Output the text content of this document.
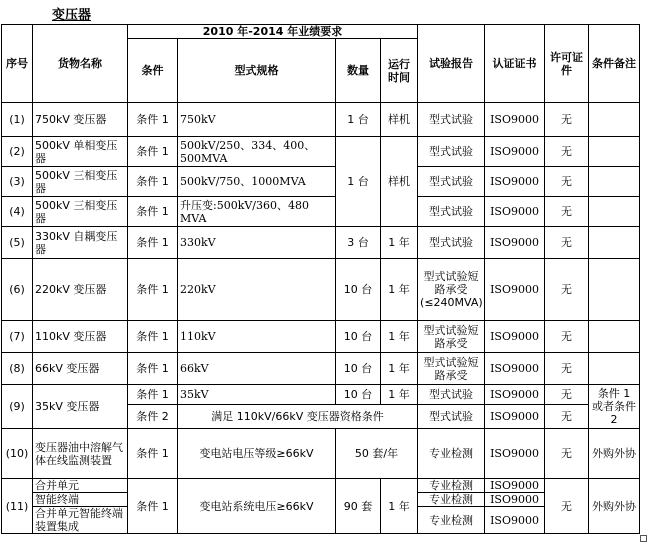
变压器
序号	货物名称	2010 年-2014 年业绩要求				试验报告	认证证书	许可证件	条件备注
		条件	型式规格	数量	运行时间				
(1)	750kV 变压器	条件 1	750kV	1 台	样机	型式试验	ISO9000	无	
(2)	500kV 单相变压器	条件 1	500kV/250、334、400、500MVA	1 台	样机	型式试验	ISO9000	无	
(3)	500kV 三相变压器	条件 1	500kV/750、1000MVA			型式试验	ISO9000	无	
(4)	500kV 三相变压器	条件 1	升压变:500kV/360、480 MVA			型式试验	ISO9000	无	
(5)	330kV 自耦变压器	条件 1	330kV	3 台	1 年	型式试验	ISO9000	无	
(6)	220kV 变压器	条件 1	220kV	10 台	1 年	型式试验短路承受(≤240MVA)	ISO9000	无	
(7)	110kV 变压器	条件 1	110kV	10 台	1 年	型式试验短路承受	ISO9000	无	
(8)	66kV 变压器	条件 1	66kV	10 台	1 年	型式试验短路承受	ISO9000	无	
(9)	35kV 变压器	条件 1	35kV	10 台	1 年	型式试验	ISO9000	无	条件 1 或者条件 2
		条件 2	满足 110kV/66kV 变压器资格条件			型式试验	ISO9000	无	
(10)	变压器油中溶解气体在线监测装置	条件 1	变电站电压等级≥66kV	50 套/年		专业检测	ISO9000	无	外购外协
(11)	合并单元	条件 1	变电站系统电压≥66kV	90 套	1 年	专业检测	ISO9000	无	外购外协
	智能终端					专业检测	ISO9000		
	合并单元智能终端装置集成					专业检测	ISO9000		
